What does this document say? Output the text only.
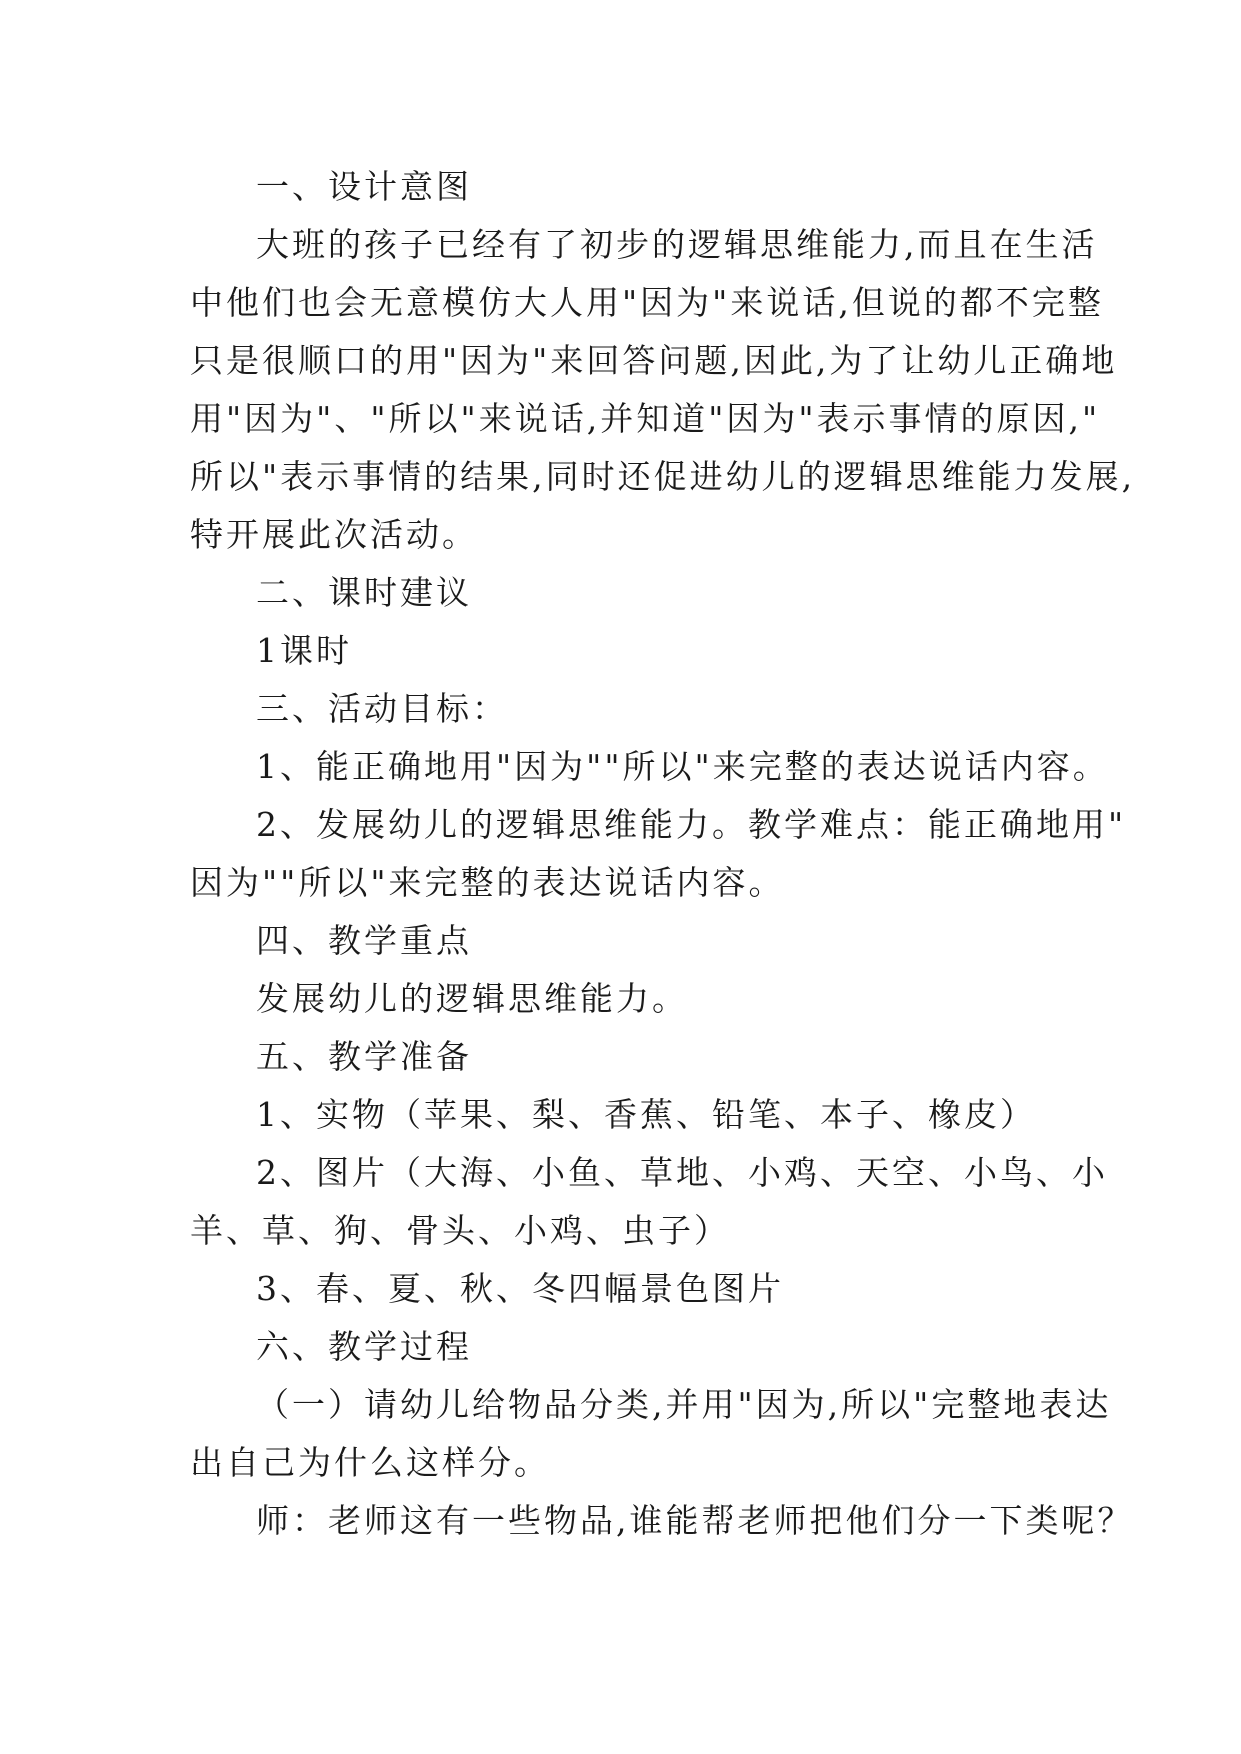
一、设计意图
大班的孩子已经有了初步的逻辑思维能力,而且在生活
中他们也会无意模仿大人用"因为"来说话,但说的都不完整
只是很顺口的用"因为"来回答问题,因此,为了让幼儿正确地
用"因为"、"所以"来说话,并知道"因为"表示事情的原因,"
所以"表示事情的结果,同时还促进幼儿的逻辑思维能力发展,
特开展此次活动。
二、课时建议
1课时
三、活动目标：
1、能正确地用"因为""所以"来完整的表达说话内容。
2、发展幼儿的逻辑思维能力。教学难点：能正确地用"
因为""所以"来完整的表达说话内容。
四、教学重点
发展幼儿的逻辑思维能力。
五、教学准备
1、实物（苹果、梨、香蕉、铅笔、本子、橡皮）
2、图片（大海、小鱼、草地、小鸡、天空、小鸟、小
羊、草、狗、骨头、小鸡、虫子）
3、春、夏、秋、冬四幅景色图片
六、教学过程
（一）请幼儿给物品分类,并用"因为,所以"完整地表达
出自己为什么这样分。
师：老师这有一些物品,谁能帮老师把他们分一下类呢？
